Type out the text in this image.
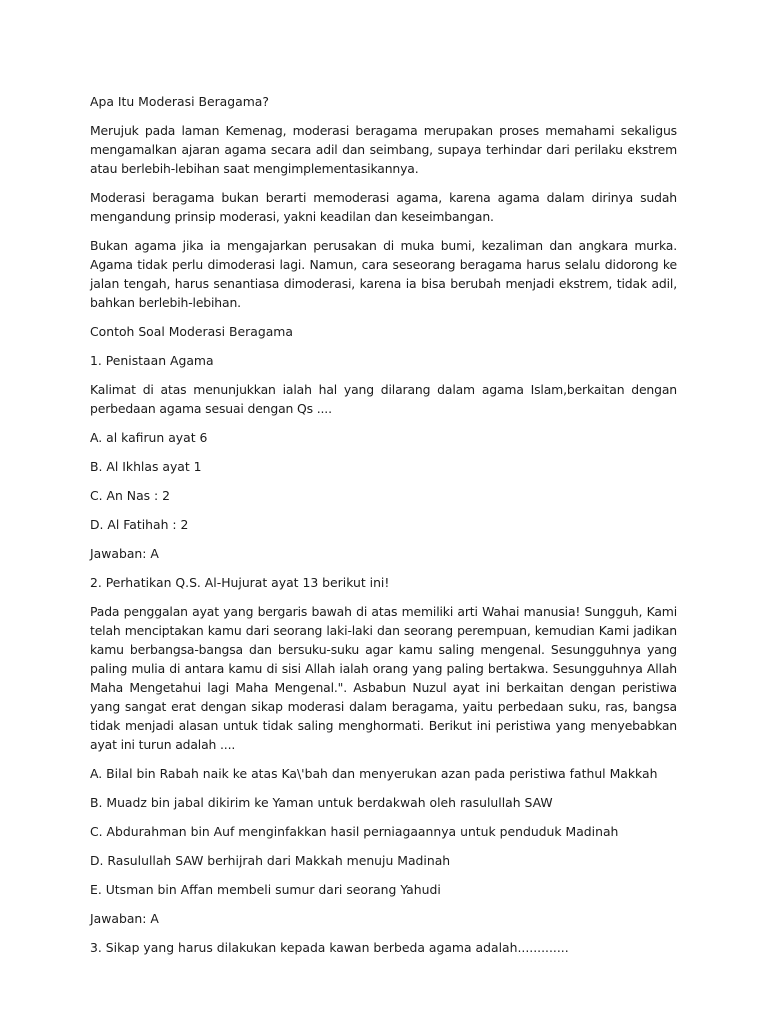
Apa Itu Moderasi Beragama?

Merujuk pada laman Kemenag, moderasi beragama merupakan proses memahami sekaligus mengamalkan ajaran agama secara adil dan seimbang, supaya terhindar dari perilaku ekstrem atau berlebih-lebihan saat mengimplementasikannya.

Moderasi beragama bukan berarti memoderasi agama, karena agama dalam dirinya sudah mengandung prinsip moderasi, yakni keadilan dan keseimbangan.

Bukan agama jika ia mengajarkan perusakan di muka bumi, kezaliman dan angkara murka. Agama tidak perlu dimoderasi lagi. Namun, cara seseorang beragama harus selalu didorong ke jalan tengah, harus senantiasa dimoderasi, karena ia bisa berubah menjadi ekstrem, tidak adil, bahkan berlebih-lebihan.

Contoh Soal Moderasi Beragama

1. Penistaan Agama

Kalimat di atas menunjukkan ialah hal yang dilarang dalam agama Islam,berkaitan dengan perbedaan agama sesuai dengan Qs ....

A. al kafirun ayat 6

B. Al Ikhlas ayat 1

C. An Nas : 2

D. Al Fatihah : 2

Jawaban: A

2. Perhatikan Q.S. Al-Hujurat ayat 13 berikut ini!

Pada penggalan ayat yang bergaris bawah di atas memiliki arti Wahai manusia! Sungguh, Kami telah menciptakan kamu dari seorang laki-laki dan seorang perempuan, kemudian Kami jadikan kamu berbangsa-bangsa dan bersuku-suku agar kamu saling mengenal. Sesungguhnya yang paling mulia di antara kamu di sisi Allah ialah orang yang paling bertakwa. Sesungguhnya Allah Maha Mengetahui lagi Maha Mengenal.". Asbabun Nuzul ayat ini berkaitan dengan peristiwa yang sangat erat dengan sikap moderasi dalam beragama, yaitu perbedaan suku, ras, bangsa tidak menjadi alasan untuk tidak saling menghormati. Berikut ini peristiwa yang menyebabkan ayat ini turun adalah ....

A. Bilal bin Rabah naik ke atas Ka\'bah dan menyerukan azan pada peristiwa fathul Makkah

B. Muadz bin jabal dikirim ke Yaman untuk berdakwah oleh rasulullah SAW

C. Abdurahman bin Auf menginfakkan hasil perniagaannya untuk penduduk Madinah

D. Rasulullah SAW berhijrah dari Makkah menuju Madinah

E. Utsman bin Affan membeli sumur dari seorang Yahudi

Jawaban: A

3. Sikap yang harus dilakukan kepada kawan berbeda agama adalah.............
